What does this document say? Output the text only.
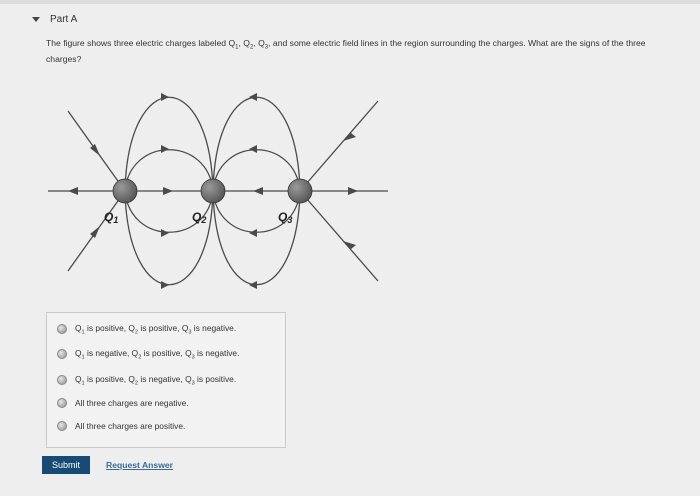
Part A
The figure shows three electric charges labeled $Q_1$, $Q_2$, $Q_3$, and some electric field lines in the region surrounding the charges. What are the signs of the three charges?
Q1	Q2	Q3
$Q_1$ is positive, $Q_2$ is positive, $Q_3$ is negative.
$Q_1$ is negative, $Q_2$ is positive, $Q_3$ is negative.
$Q_1$ is positive, $Q_2$ is negative, $Q_3$ is positive.
All three charges are negative.
All three charges are positive.
Submit	Request Answer
